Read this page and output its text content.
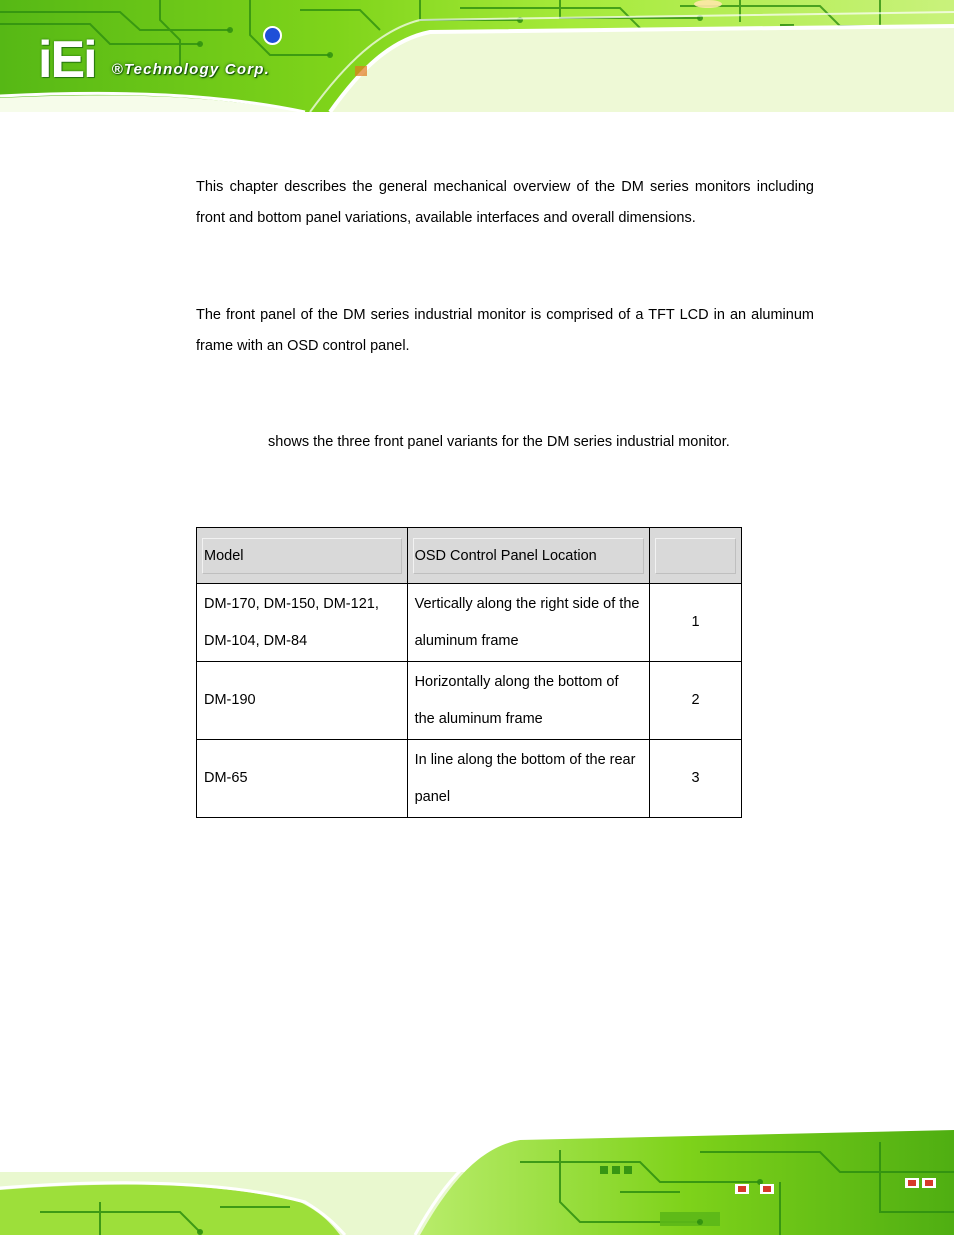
iEi ®Technology Corp.

This chapter describes the general mechanical overview of the DM series monitors including front and bottom panel variations, available interfaces and overall dimensions.

The front panel of the DM series industrial monitor is comprised of a TFT LCD in an aluminum frame with an OSD control panel.

shows the three front panel variants for the DM series industrial monitor.

Model	OSD Control Panel Location	

DM-170, DM-150, DM-121, DM-104, DM-84	Vertically along the right side of the aluminum frame	1
DM-190	Horizontally along the bottom of the aluminum frame	2
DM-65	In line along the bottom of the rear panel	3
